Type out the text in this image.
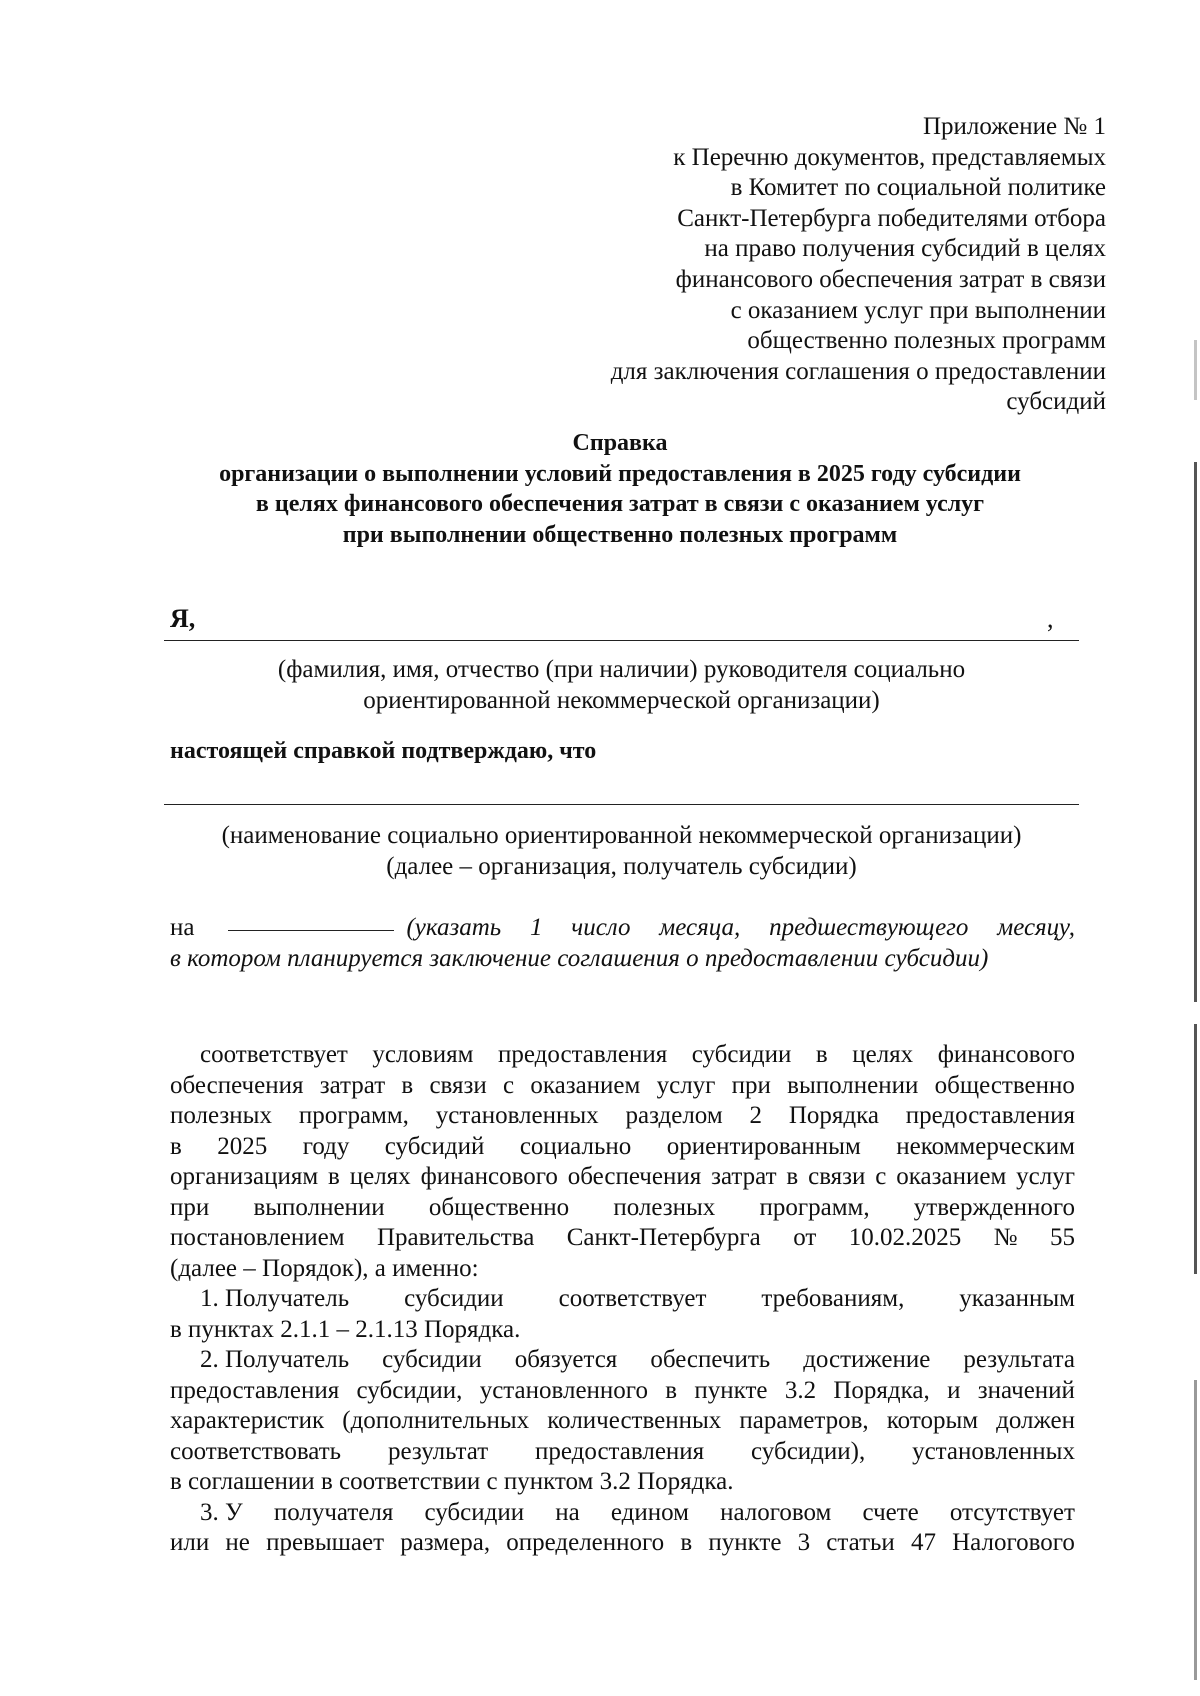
Приложение № 1
к Перечню документов, представляемых
в Комитет по социальной политике
Санкт-Петербурга победителями отбора
на право получения субсидий в целях
финансового обеспечения затрат в связи
с оказанием услуг при выполнении
общественно полезных программ
для заключения соглашения о предоставлении
субсидий
Справка
организации о выполнении условий предоставления в 2025 году субсидии
в целях финансового обеспечения затрат в связи с оказанием услуг
при выполнении общественно полезных программ
Я,	,
(фамилия, имя, отчество (при наличии) руководителя социально
ориентированной некоммерческой организации)
настоящей справкой подтверждаю, что
(наименование социально ориентированной некоммерческой организации)
(далее – организация, получатель субсидии)
на	(указать 1 число месяца, предшествующего месяцу,
в котором планируется заключение соглашения о предоставлении субсидии)
соответствует условиям предоставления субсидии в целях финансового
обеспечения затрат в связи с оказанием услуг при выполнении общественно
полезных программ, установленных разделом 2 Порядка предоставления
в 2025 году субсидий социально ориентированным некоммерческим
организациям в целях финансового обеспечения затрат в связи с оказанием услуг
при выполнении общественно полезных программ, утвержденного
постановлением Правительства Санкт-Петербурга от 10.02.2025 № 55
(далее – Порядок), а именно:
1. Получатель субсидии соответствует требованиям, указанным
в пунктах 2.1.1 – 2.1.13 Порядка.
2. Получатель субсидии обязуется обеспечить достижение результата
предоставления субсидии, установленного в пункте 3.2 Порядка, и значений
характеристик (дополнительных количественных параметров, которым должен
соответствовать результат предоставления субсидии), установленных
в соглашении в соответствии с пунктом 3.2 Порядка.
3. У получателя субсидии на едином налоговом счете отсутствует
или не превышает размера, определенного в пункте 3 статьи 47 Налогового
